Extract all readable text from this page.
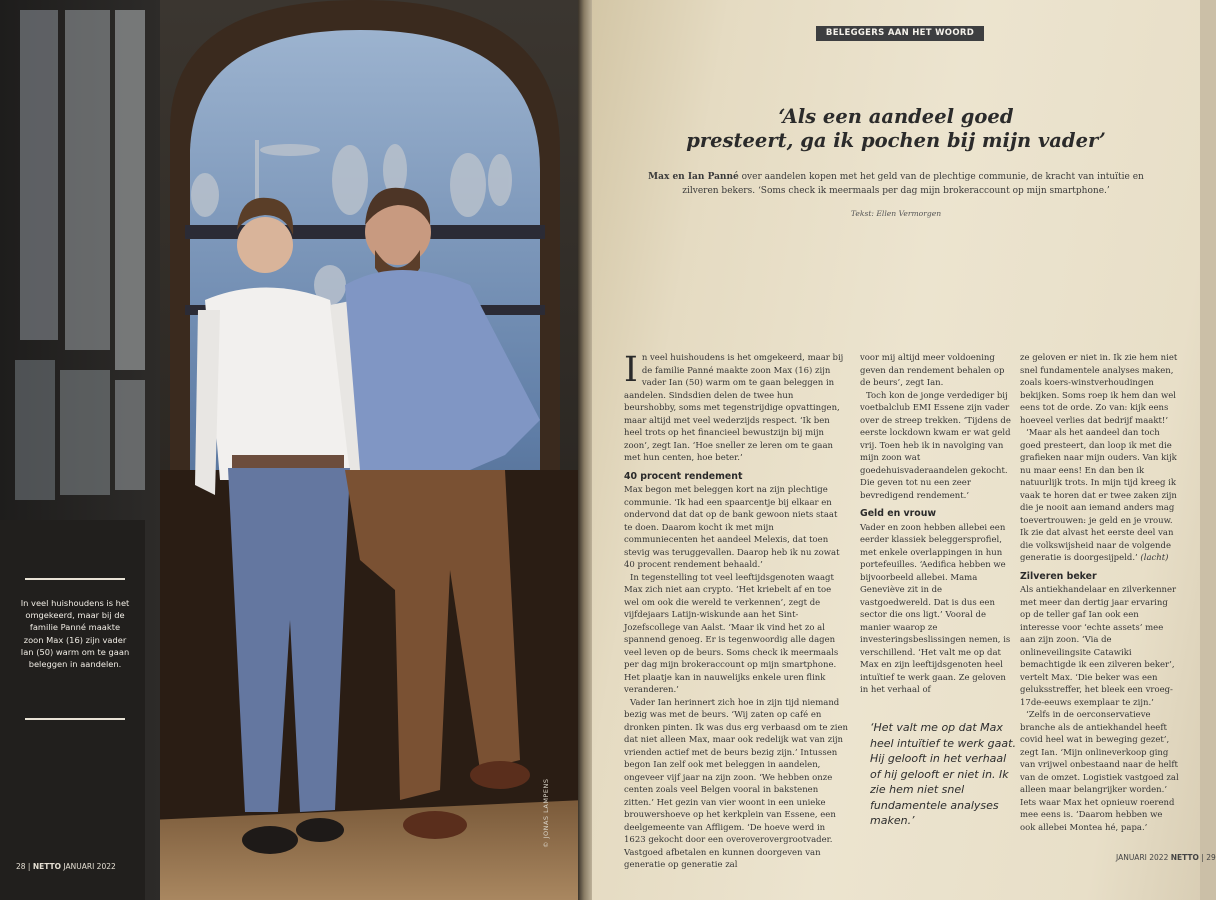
In veel huishoudens is het omgekeerd, maar bij de familie Panné maakte zoon Max (16) zijn vader Ian (50) warm om te gaan beleggen in aandelen.
© JONAS LAMPENS
28 | NETTO JANUARI 2022
BELEGGERS AAN HET WOORD
‘Als een aandeel goed
presteert, ga ik pochen bij mijn vader’
Max en Ian Panné over aandelen kopen met het geld van de plechtige communie, de kracht van intuïtie en zilveren bekers. ‘Soms check ik meermaals per dag mijn brokeraccount op mijn smartphone.’
Tekst: Ellen Vermorgen

In veel huishoudens is het omgekeerd, maar bij de familie Panné maakte zoon Max (16) zijn vader Ian (50) warm om te gaan beleggen in aandelen. Sindsdien delen de twee hun beurshobby, soms met tegenstrijdige opvattingen, maar altijd met veel wederzijds respect. ‘Ik ben heel trots op het financieel bewustzijn bij mijn zoon’, zegt Ian. ‘Hoe sneller ze leren om te gaan met hun centen, hoe beter.’

40 procent rendement

Max begon met beleggen kort na zijn plechtige communie. ‘Ik had een spaarcentje bij elkaar en ondervond dat dat op de bank gewoon niets staat te doen. Daarom kocht ik met mijn communiecenten het aandeel Melexis, dat toen stevig was teruggevallen. Daarop heb ik nu zowat 40 procent rendement behaald.’

In tegenstelling tot veel leeftijdsgenoten waagt Max zich niet aan crypto. ‘Het kriebelt af en toe wel om ook die wereld te verkennen’, zegt de vijfdejaars Latijn-wiskunde aan het Sint-Jozefscollege van Aalst. ‘Maar ik vind het zo al spannend genoeg. Er is tegenwoordig alle dagen veel leven op de beurs. Soms check ik meermaals per dag mijn brokeraccount op mijn smartphone. Het plaatje kan in nauwelijks enkele uren flink veranderen.’

Vader Ian herinnert zich hoe in zijn tijd niemand bezig was met de beurs. ‘Wij zaten op café en dronken pinten. Ik was dus erg verbaasd om te zien dat niet alleen Max, maar ook redelijk wat van zijn vrienden actief met de beurs bezig zijn.’ Intussen begon Ian zelf ook met beleggen in aandelen, ongeveer vijf jaar na zijn zoon. ‘We hebben onze centen zoals veel Belgen vooral in bakstenen zitten.’ Het gezin van vier woont in een unieke brouwershoeve op het kerkplein van Essene, een deelgemeente van Affligem. ‘De hoeve werd in 1623 gekocht door een overoverovergrootvader. Vastgoed afbetalen en kunnen doorgeven van generatie op generatie zal

voor mij altijd meer voldoening geven dan rendement behalen op de beurs’, zegt Ian.

Toch kon de jonge verdediger bij voetbalclub EMI Essene zijn vader over de streep trekken. ‘Tijdens de eerste lockdown kwam er wat geld vrij. Toen heb ik in navolging van mijn zoon wat goedehuisvaderaandelen gekocht. Die geven tot nu een zeer bevredigend rendement.’

Geld en vrouw

Vader en zoon hebben allebei een eerder klassiek beleggersprofiel, met enkele overlappingen in hun portefeuilles. ‘Aedifica hebben we bijvoorbeeld allebei. Mama Geneviève zit in de vastgoedwereld. Dat is dus een sector die ons ligt.’ Vooral de manier waarop ze investeringsbeslissingen nemen, is verschillend. ‘Het valt me op dat Max en zijn leeftijdsgenoten heel intuïtief te werk gaan. Ze geloven in het verhaal of

‘Het valt me op dat Max heel intuïtief te werk gaat. Hij gelooft in het verhaal of hij gelooft er niet in. Ik zie hem niet snel fundamentele analyses maken.’

ze geloven er niet in. Ik zie hem niet snel fundamentele analyses maken, zoals koers-winstverhoudingen bekijken. Soms roep ik hem dan wel eens tot de orde. Zo van: kijk eens hoeveel verlies dat bedrijf maakt!’

‘Maar als het aandeel dan toch goed presteert, dan loop ik met die grafieken naar mijn ouders. Van kijk nu maar eens! En dan ben ik natuurlijk trots. In mijn tijd kreeg ik vaak te horen dat er twee zaken zijn die je nooit aan iemand anders mag toevertrouwen: je geld en je vrouw. Ik zie dat alvast het eerste deel van die volkswijsheid naar de volgende generatie is doorgesijpeld.’ (lacht)

Zilveren beker

Als antiekhandelaar en zilverkenner met meer dan dertig jaar ervaring op de teller gaf Ian ook een interesse voor ‘echte assets’ mee aan zijn zoon. ‘Via de onlineveilingsite Catawiki bemachtigde ik een zilveren beker’, vertelt Max. ‘Die beker was een geluksstreffer, het bleek een vroeg-17de-eeuws exemplaar te zijn.’

‘Zelfs in de oerconservatieve branche als de antiekhandel heeft covid heel wat in beweging gezet’, zegt Ian. ‘Mijn onlineverkoop ging van vrijwel onbestaand naar de helft van de omzet. Logistiek vastgoed zal alleen maar belangrijker worden.’ Iets waar Max het opnieuw roerend mee eens is. ‘Daarom hebben we ook allebei Montea hé, papa.’

JANUARI 2022 NETTO | 29
